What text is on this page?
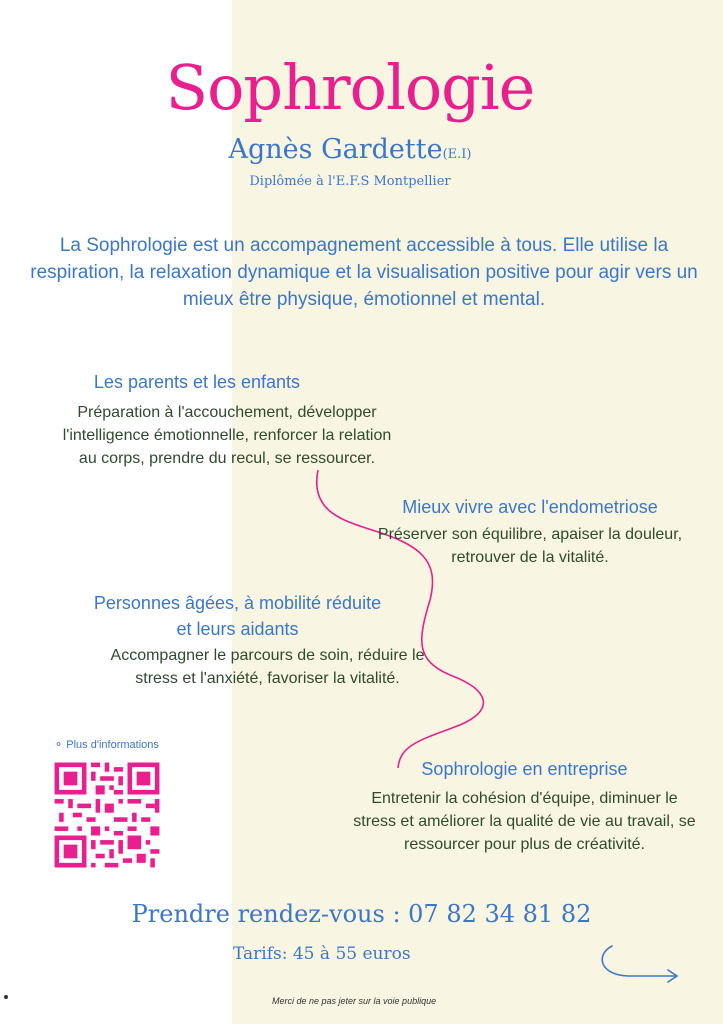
Sophrologie
Agnès Gardette(E.I)
Diplômée à l'E.F.S Montpellier
La Sophrologie est un accompagnement accessible à tous. Elle utilise la respiration, la relaxation dynamique et la visualisation positive pour agir vers un mieux être physique, émotionnel et mental.
Les parents et les enfants
Préparation à l'accouchement, développer l'intelligence émotionnelle, renforcer la relation au corps, prendre du recul, se ressourcer.
Mieux vivre avec l'endometriose
Préserver son équilibre, apaiser la douleur, retrouver de la vitalité.
Personnes âgées, à mobilité réduite et leurs aidants
Accompagner le parcours de soin, réduire le stress et l'anxiété, favoriser la vitalité.
Sophrologie en entreprise
Entretenir la cohésion d'équipe, diminuer le stress et améliorer la qualité de vie au travail, se ressourcer pour plus de créativité.
⚬ Plus d'informations
Prendre rendez-vous : 07 82 34 81 82
Tarifs: 45 à 55 euros
Merci de ne pas jeter sur la voie publique
